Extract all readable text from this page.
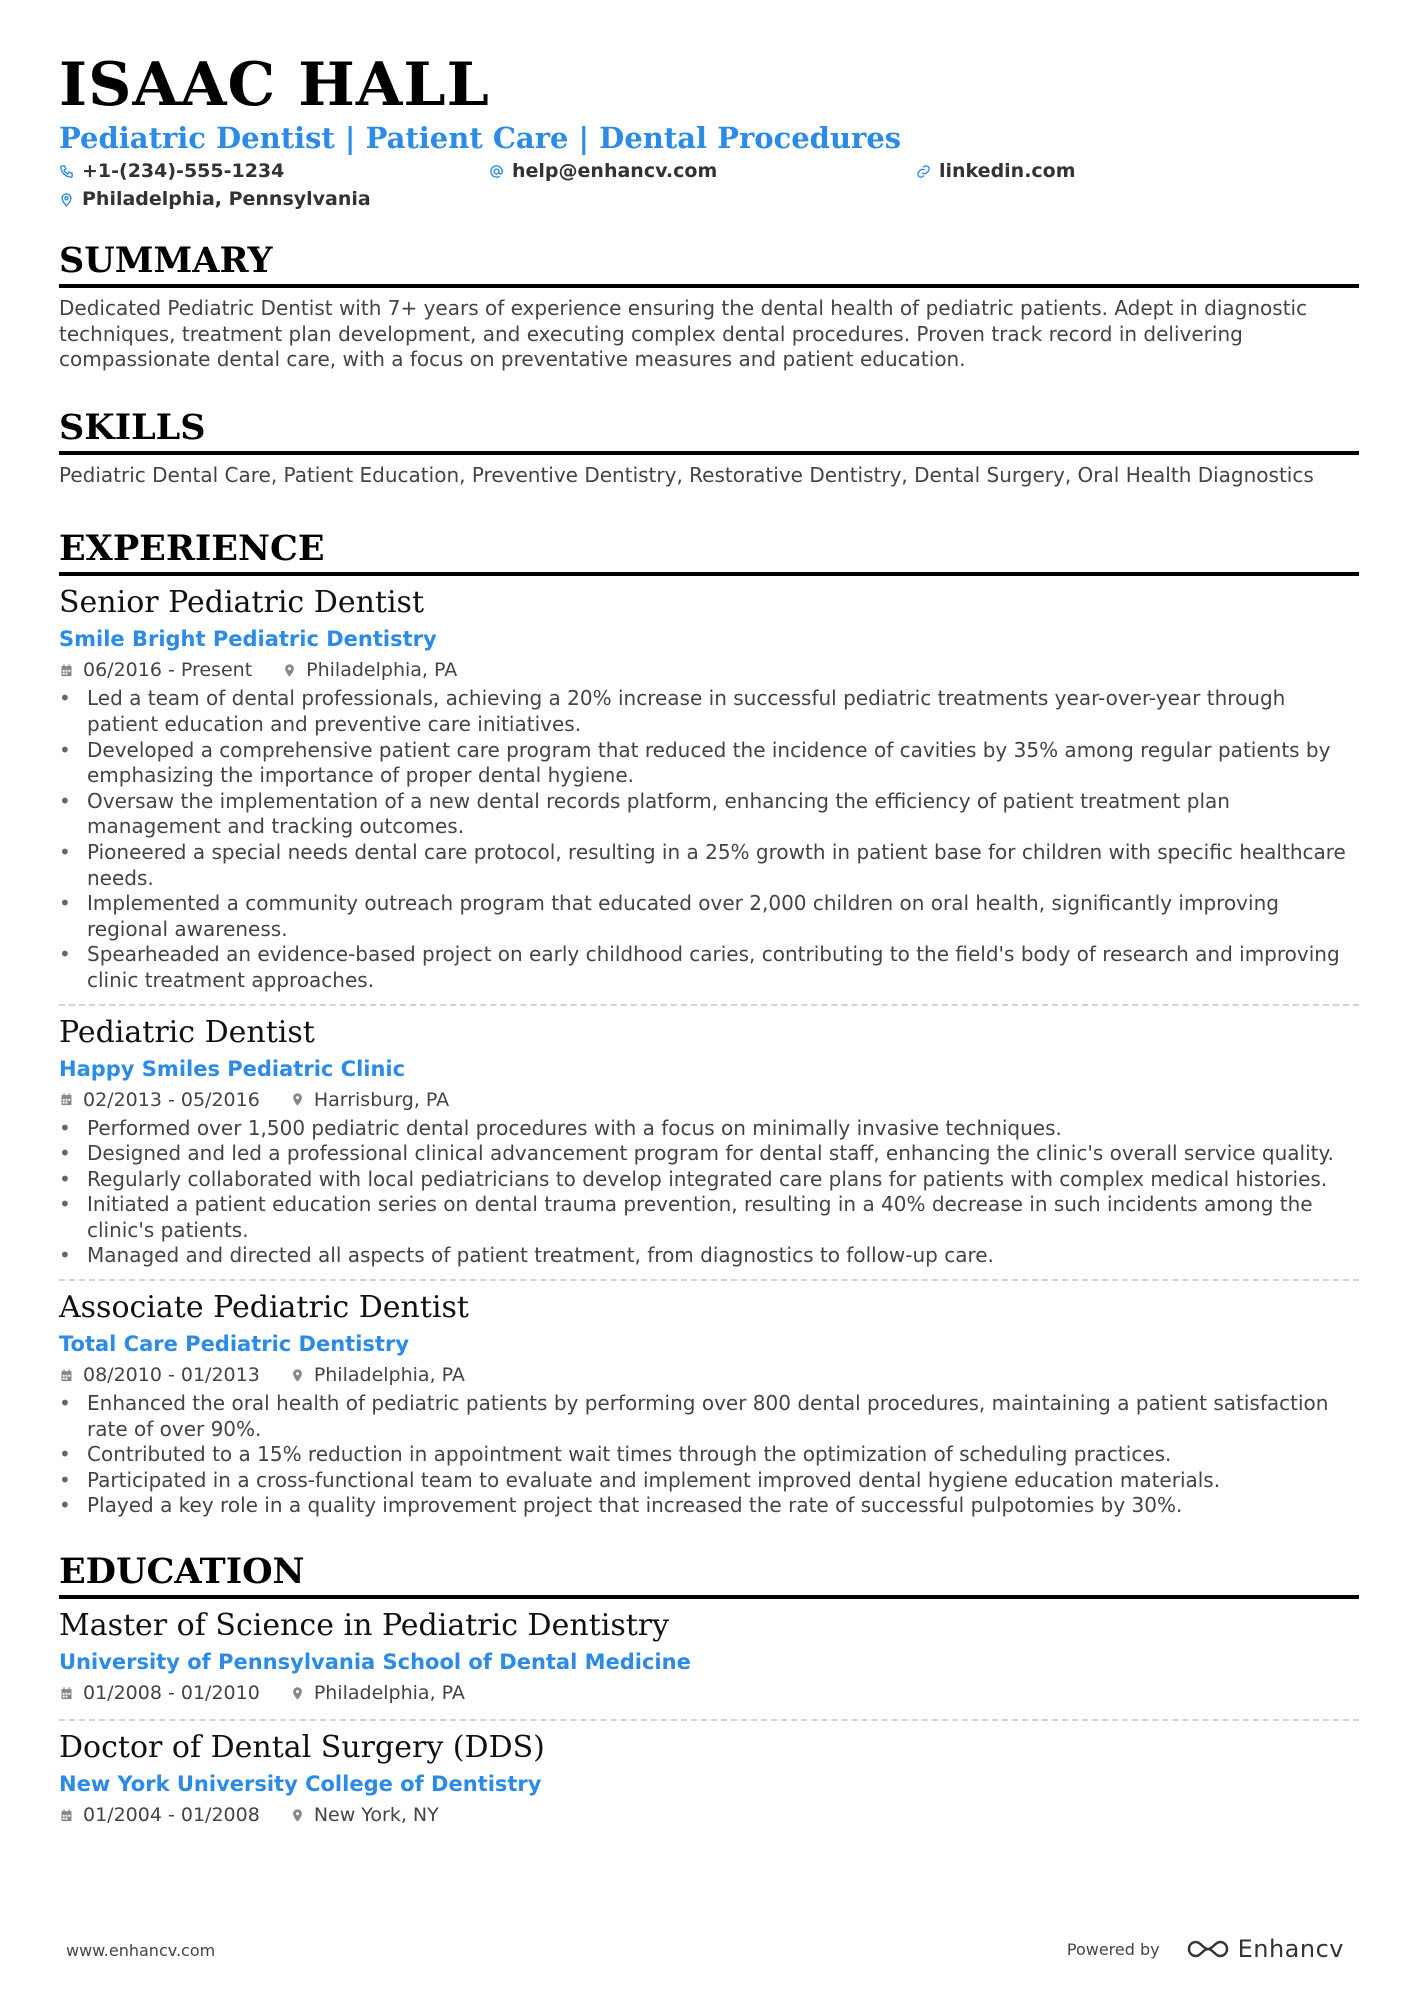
ISAAC HALL
Pediatric Dentist | Patient Care | Dental Procedures
+1-(234)-555-1234	help@enhancv.com	linkedin.com
Philadelphia, Pennsylvania
SUMMARY
Dedicated Pediatric Dentist with 7+ years of experience ensuring the dental health of pediatric patients. Adept in diagnostic techniques, treatment plan development, and executing complex dental procedures. Proven track record in delivering compassionate dental care, with a focus on preventative measures and patient education.
SKILLS
Pediatric Dental Care, Patient Education, Preventive Dentistry, Restorative Dentistry, Dental Surgery, Oral Health Diagnostics
EXPERIENCE
Senior Pediatric Dentist
Smile Bright Pediatric Dentistry
06/2016 - Present	Philadelphia, PA
• Led a team of dental professionals, achieving a 20% increase in successful pediatric treatments year-over-year through patient education and preventive care initiatives.
• Developed a comprehensive patient care program that reduced the incidence of cavities by 35% among regular patients by emphasizing the importance of proper dental hygiene.
• Oversaw the implementation of a new dental records platform, enhancing the efficiency of patient treatment plan management and tracking outcomes.
• Pioneered a special needs dental care protocol, resulting in a 25% growth in patient base for children with specific healthcare needs.
• Implemented a community outreach program that educated over 2,000 children on oral health, significantly improving regional awareness.
• Spearheaded an evidence-based project on early childhood caries, contributing to the field's body of research and improving clinic treatment approaches.
Pediatric Dentist
Happy Smiles Pediatric Clinic
02/2013 - 05/2016	Harrisburg, PA
• Performed over 1,500 pediatric dental procedures with a focus on minimally invasive techniques.
• Designed and led a professional clinical advancement program for dental staff, enhancing the clinic's overall service quality.
• Regularly collaborated with local pediatricians to develop integrated care plans for patients with complex medical histories.
• Initiated a patient education series on dental trauma prevention, resulting in a 40% decrease in such incidents among the clinic's patients.
• Managed and directed all aspects of patient treatment, from diagnostics to follow-up care.
Associate Pediatric Dentist
Total Care Pediatric Dentistry
08/2010 - 01/2013	Philadelphia, PA
• Enhanced the oral health of pediatric patients by performing over 800 dental procedures, maintaining a patient satisfaction rate of over 90%.
• Contributed to a 15% reduction in appointment wait times through the optimization of scheduling practices.
• Participated in a cross-functional team to evaluate and implement improved dental hygiene education materials.
• Played a key role in a quality improvement project that increased the rate of successful pulpotomies by 30%.
EDUCATION
Master of Science in Pediatric Dentistry
University of Pennsylvania School of Dental Medicine
01/2008 - 01/2010	Philadelphia, PA
Doctor of Dental Surgery (DDS)
New York University College of Dentistry
01/2004 - 01/2008	New York, NY
www.enhancv.com	Powered by	Enhancv
